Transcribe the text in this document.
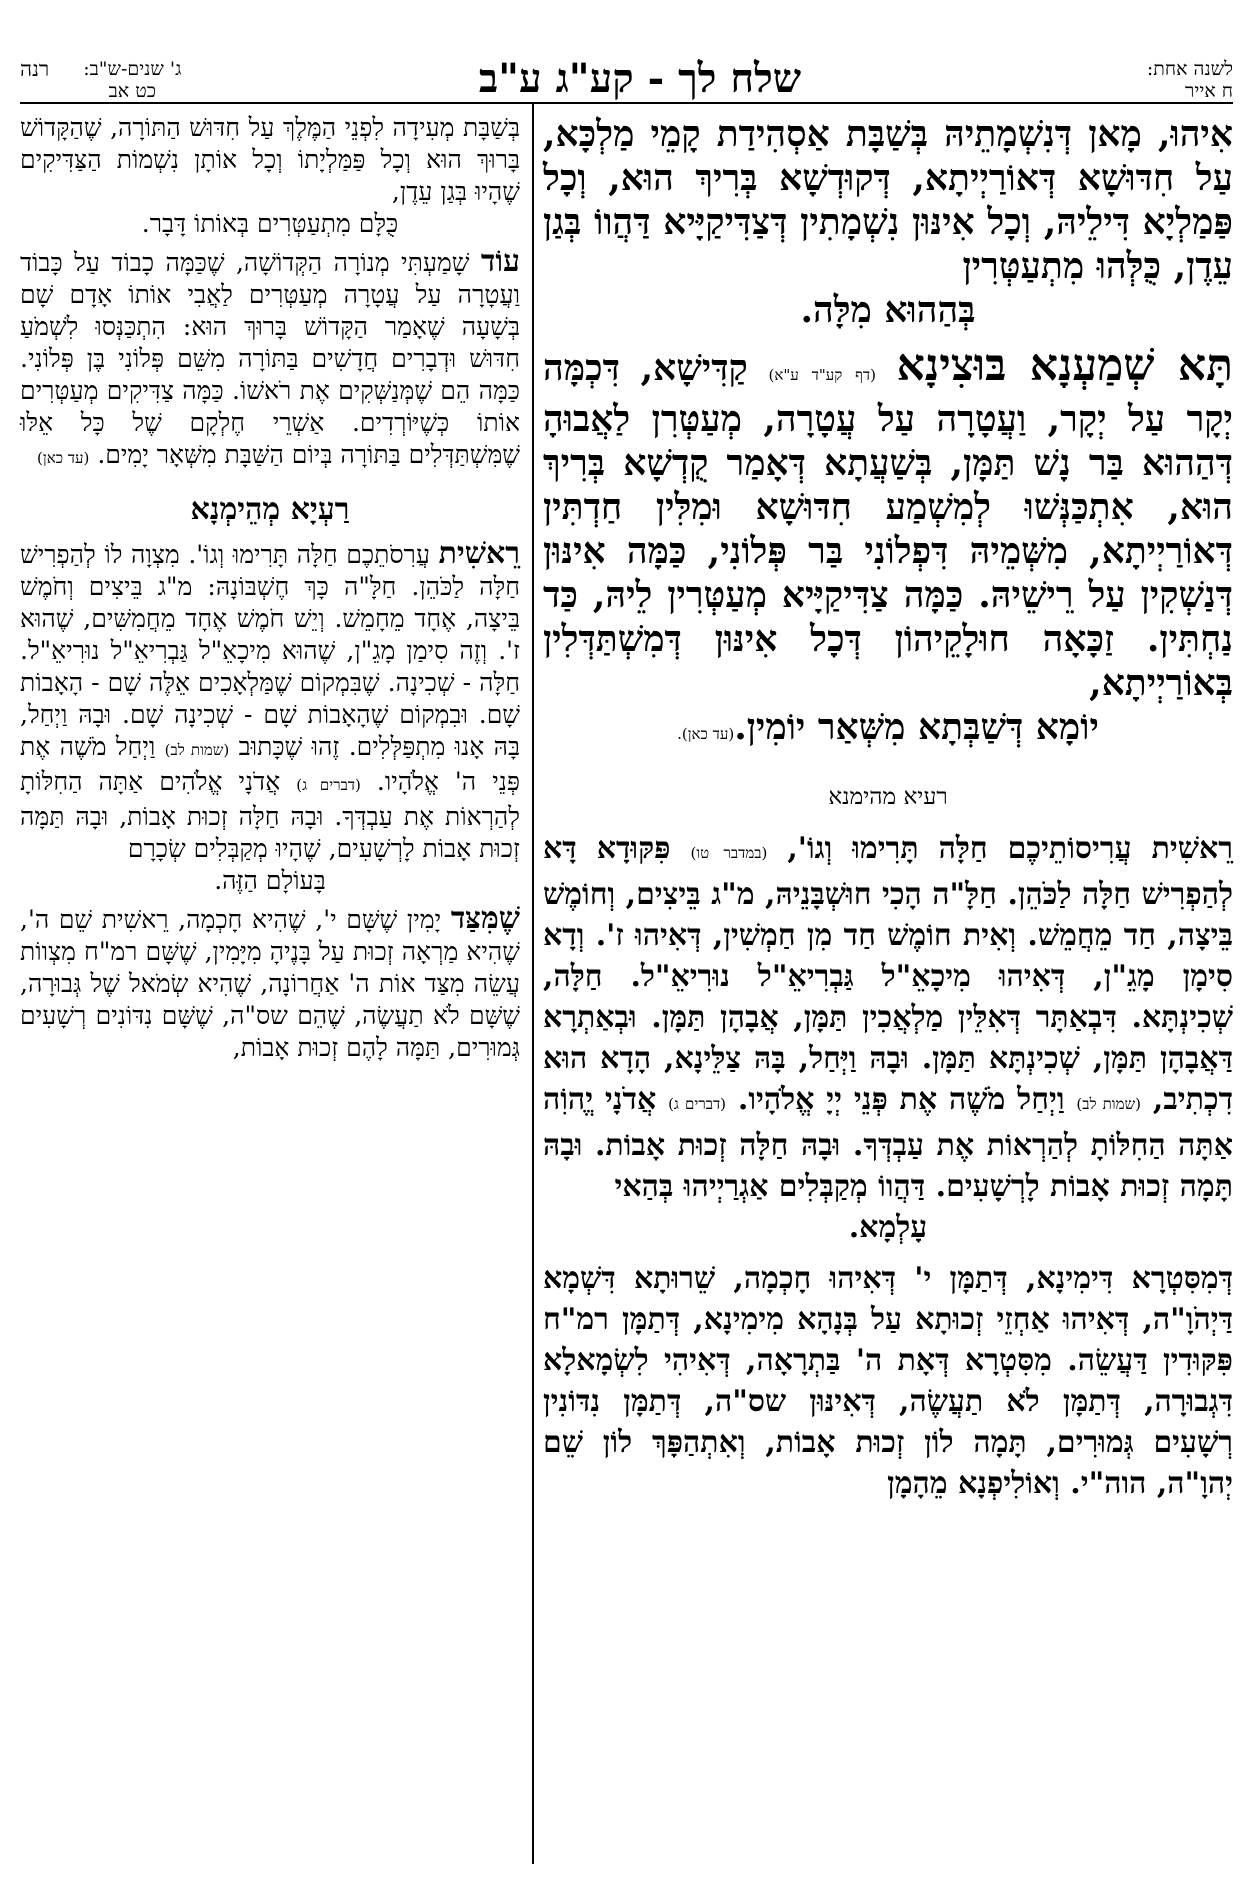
לשנה אחת:
ח אייר
שלח לך - קע"ג ע"ב
ג' שנים-ש"ב:
כט אב
רנה

אִיהוּ, מָאן דְּנִשְׁמָתֵיהּ בְּשַׁבָּת אַסְהִידַת קָמֵי מַלְכָּא, עַל חִדּוּשָׁא דְּאוֹרַיְיתָא, דְּקוּדְשָׁא בְּרִיךְ הוּא, וְכָל פַּמַלְיָא דִּילֵיהּ, וְכָל אִינּוּן נִשְׁמָתִין דְּצַדִּיקַיָּיא דַּהֲווֹ בְּגַן עֵדֶן, כֻּלְּהוּ מִתְעַטְּרִין

בְּהַהוּא מִלָּה.

תָּא שְׁמַעְנָא בּוּצִינָא (דף קע"ד ע"א) קַדִּישָׁא, דִּכְמָּה יְקָר עַל יְקָר, וַעֲטָרָה עַל עֲטָרָה, מְעַטְּרִן לַאֲבוּהָ דְּהַהוּא בַּר נָשׁ תַּמָּן, בְּשַׁעֲתָא דְּאָמַר קֻדְשָׁא בְּרִיךְ הוּא, אִתְכַּנְּשׁוּ לְמִשְׁמַע חִדּוּשָׁא וּמִלִּין חַדְתִּין דְּאוֹרַיְיתָא, מִשְּׁמֵיהּ דִּפְלוֹנִי בַּר פְּלוֹנִי, כַּמָּה אִינּוּן דְּנַשְׁקִין עַל רֵישֵׁיהּ. כַּמָּה צַדִּיקַיָּיא מְעַטְּרִין לֵיהּ, כַּד נַחְתִּין. זַכָּאָה חוּלָקֵיהוֹן דְּכָל אִינּוּן דְּמִשְׁתַּדְּלִין בְּאוֹרַיְיתָא,

יוֹמָא דְּשַׁבְּתָא מִשְּׁאַר יוֹמִין.(עד כאן).

רעיא מהימנא

רֵאשִׁית עֲרִיסוֹתֵיכֶם חַלָּה תָּרִימוּ וְגוֹ', (במדבר טו) פִּקּוּדָא דָּא לְהַפְרִישׁ חַלָּה לַכֹּהֵן. חַלָּ"ה הָכִי חוּשְׁבָּנֵיהּ, מ"ג בֵּיצִים, וְחוֹמֶשׁ בֵּיצָה, חַד מֵחֲמֵשׁ. וְאִית חוֹמֶשׁ חַד מִן חַמְשִׁין, דְּאִיהוּ ז'. וְדָא סִימָן מָגֵ"ן, דְּאִיהוּ מִיכָאֵ"ל גַּבְרִיאֵ"ל נוּרִיאֵ"ל. חַלָּה, שְׁכִינְתָּא. דִּבְאַתָּר דְּאִלֵּין מַלְאֲכִין תַּמָּן, אֲבָהָן תַּמָּן. וּבְאַתְרָא דַּאֲבָהָן תַּמָּן, שְׁכִינְתָּא תַּמָּן. וּבָהּ וַיְּחַל, בָּהּ צַלֵּינָא, הָדָא הוּא דִכְתִיב, (שמות לב) וַיְחַל מֹשֶׁה אֶת פְּנֵי יְיָ אֱלֹהָיו. (דברים ג) אֲדֹנָי יֱהוִֹה אַתָּה הַחִלּוֹתָ לְהַרְאוֹת אֶת עַבְדְּךָ. וּבָהּ חַלָּה זְכוּת אָבוֹת. וּבָהּ תָּמָה זְכוּת אָבוֹת לָרְשָׁעִים. דַּהֲווֹ מְקַבְּלִים אַגְרַיְיהוּ בְּהַאי

עָלְמָא.

דְּמִסִּטְרָא דִּימִינָא, דְּתַמָּן י' דְּאִיהוּ חָכְמָה, שֵׁרוּתָא דִּשְׁמָא דַּיְהֹוָ"ה, דְּאִיהוּ אַחְזֵי זְכוּתָא עַל בְּנָהָא מִימִינָא, דְּתַמָּן רמ"ח פִּקּוּדִין דַּעֲשֵׂה. מִסִּטְרָא דְּאָת ה' בַּתְרָאָה, דְּאִיהִי לִשְׂמָאלָא דִּגְבוּרָה, דְּתַמָּן לֹא תַעֲשֶׂה, דְּאִינּוּן שס"ה, דְּתַמָּן נִדּוֹנִין רְשָׁעִים גְּמוּרִים, תָּמָה לוֹן זְכוּת אָבוֹת, וְאִתְהַפָּךְ לוֹן שֵׁם יְהוָ"ה, הוה"י. וְאוֹלִיפְנָא מֵהָמָן

בְּשַׁבָּת מְעִידָה לִפְנֵי הַמֶּלֶךְ עַל חִדּוּשׁ הַתּוֹרָה, שֶׁהַקָּדוֹשׁ בָּרוּךְ הוּא וְכָל פַּמַּלְיָתוֹ וְכָל אוֹתָן נִשְׁמוֹת הַצַּדִּיקִים שֶׁהָיוּ בְּגַן עֵדֶן,

כֻּלָּם מִתְעַטְּרִים בְּאוֹתוֹ דָּבָר.

עוֹד שָׁמַעְתִּי מְנוֹרָה הַקְּדוֹשָׁה, שֶׁכַּמָּה כָבוֹד עַל כָּבוֹד וַעֲטָרָה עַל עֲטָרָה מְעַטְּרִים לַאֲבִי אוֹתוֹ אָדָם שָׁם בְּשָׁעָה שֶׁאָמַר הַקָּדוֹשׁ בָּרוּךְ הוּא: הִתְכַּנְּסוּ לִשְׁמֹעַ חִדּוּשׁ וּדְבָרִים חֲדָשִׁים בַּתּוֹרָה מִשֵּׁם פְּלוֹנִי בֶּן פְּלוֹנִי. כַּמָּה הֵם שֶׁמְּנַשְּׁקִים אֶת רֹאשׁוֹ. כַּמָּה צַדִּיקִים מְעַטְּרִים אוֹתוֹ כְּשֶׁיּוֹרְדִים. אַשְׁרֵי חֶלְקָם שֶׁל כָּל אֵלּוּ שֶׁמִּשְׁתַּדְּלִים בַּתּוֹרָה בְּיוֹם הַשַּׁבָּת מִשְּׁאָר יָמִים. (עד כאן)

רַעְיָא מְהֵימְנָא

רֵאשִׁית עֲרִסֹתֵכֶם חַלָּה תָּרִימוּ וְגוֹ'. מִצְוָה לוֹ לְהַפְרִישׁ חַלָּה לַכֹּהֵן. חַלָּ"ה כָּךְ חֶשְׁבּוֹנָהּ: מ"ג בֵּיצִים וְחֹמֶשׁ בֵּיצָה, אֶחָד מֵחָמֵשׁ. וְיֵשׁ חֹמֶשׁ אֶחָד מֵחֲמִשִּׁים, שֶׁהוּא ז'. וְזֶה סִימַן מָגֵ"ן, שֶׁהוּא מִיכָאֵ"ל גַּבְרִיאֵ"ל נוּרִיאֵ"ל. חַלָּה - שְׁכִינָה. שֶׁבִּמְקוֹם שֶׁמַּלְאָכִים אֵלֶּה שָׁם - הָאָבוֹת שָׁם. וּבִמְקוֹם שֶׁהָאָבוֹת שָׁם - שְׁכִינָה שָׁם. וּבָהּ וַיְחַל, בָּהּ אָנוּ מִתְפַּלְּלִים. זֶהוּ שֶׁכָּתוּב (שמות לב) וַיְחַל מֹשֶׁה אֶת פְּנֵי ה' אֱלֹהָיו. (דברים ג) אֲדֹנָי אֱלֹהִים אַתָּה הַחִלּוֹתָ לְהַרְאוֹת אֶת עַבְדְּךָ. וּבָהּ חַלָּה זְכוּת אָבוֹת, וּבָהּ תַּמָּה זְכוּת אָבוֹת לָרְשָׁעִים, שֶׁהָיוּ מְקַבְּלִים שְׂכָרָם

בָּעוֹלָם הַזֶּה.

שֶׁמִּצַּד יָמִין שֶׁשָּׁם י', שֶׁהִיא חָכְמָה, רֵאשִׁית שֵׁם ה', שֶׁהִיא מַרְאָה זְכוּת עַל בָּנֶיהָ מִיָּמִין, שֶׁשָּׁם רמ"ח מִצְווֹת עֲשֵׂה מִצַּד אוֹת ה' אַחֲרוֹנָה, שֶׁהִיא שְׂמֹאל שֶׁל גְּבוּרָה, שֶׁשָּׁם לֹא תַעֲשֶׂה, שֶׁהֵם שס"ה, שֶׁשָּׁם נִדּוֹנִים רְשָׁעִים גְּמוּרִים, תַּמָּה לָהֶם זְכוּת אָבוֹת,
